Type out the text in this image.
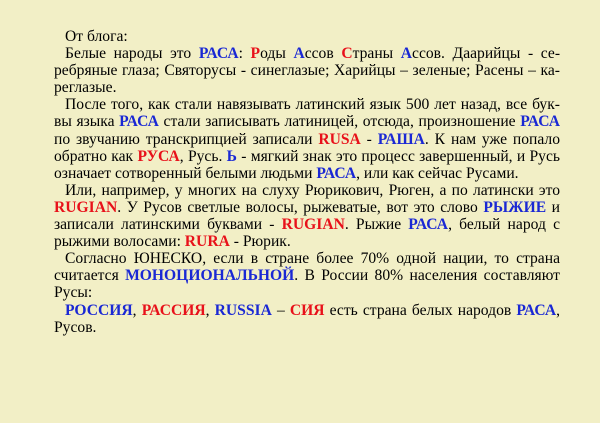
От блога:

Белые народы это РАСА: Роды Ассов Страны Ассов. Даарийцы - серебряные глаза; Святорусы - синеглазые; Харийцы – зеленые; Расены – кареглазые.

После того, как стали навязывать латинский язык 500 лет назад, все буквы языка РАСА стали записывать латиницей, отсюда, произношение РАСА по звучанию транскрипцией записали RUSA - РАША. К нам уже попало обратно как РУСА, Русь. Ь - мягкий знак это процесс завершенный, и Русь означает сотворенный белыми людьми РАСА, или как сейчас Русами.

Или, например, у многих на слуху Рюрикович, Рюген, а по латински это RUGIAN. У Русов светлые волосы, рыжеватые, вот это слово РЫЖИЕ и записали латинскими буквами - RUGIAN. Рыжие РАСА, белый народ с рыжими волосами: RURA - Рюрик.

Согласно ЮНЕСКО, если в стране более 70% одной нации, то страна считается МОНОЦИОНАЛЬНОЙ. В России 80% населения составляют Русы:

РОССИЯ, РАССИЯ, RUSSIA – СИЯ есть страна белых народов РАСА, Русов.
